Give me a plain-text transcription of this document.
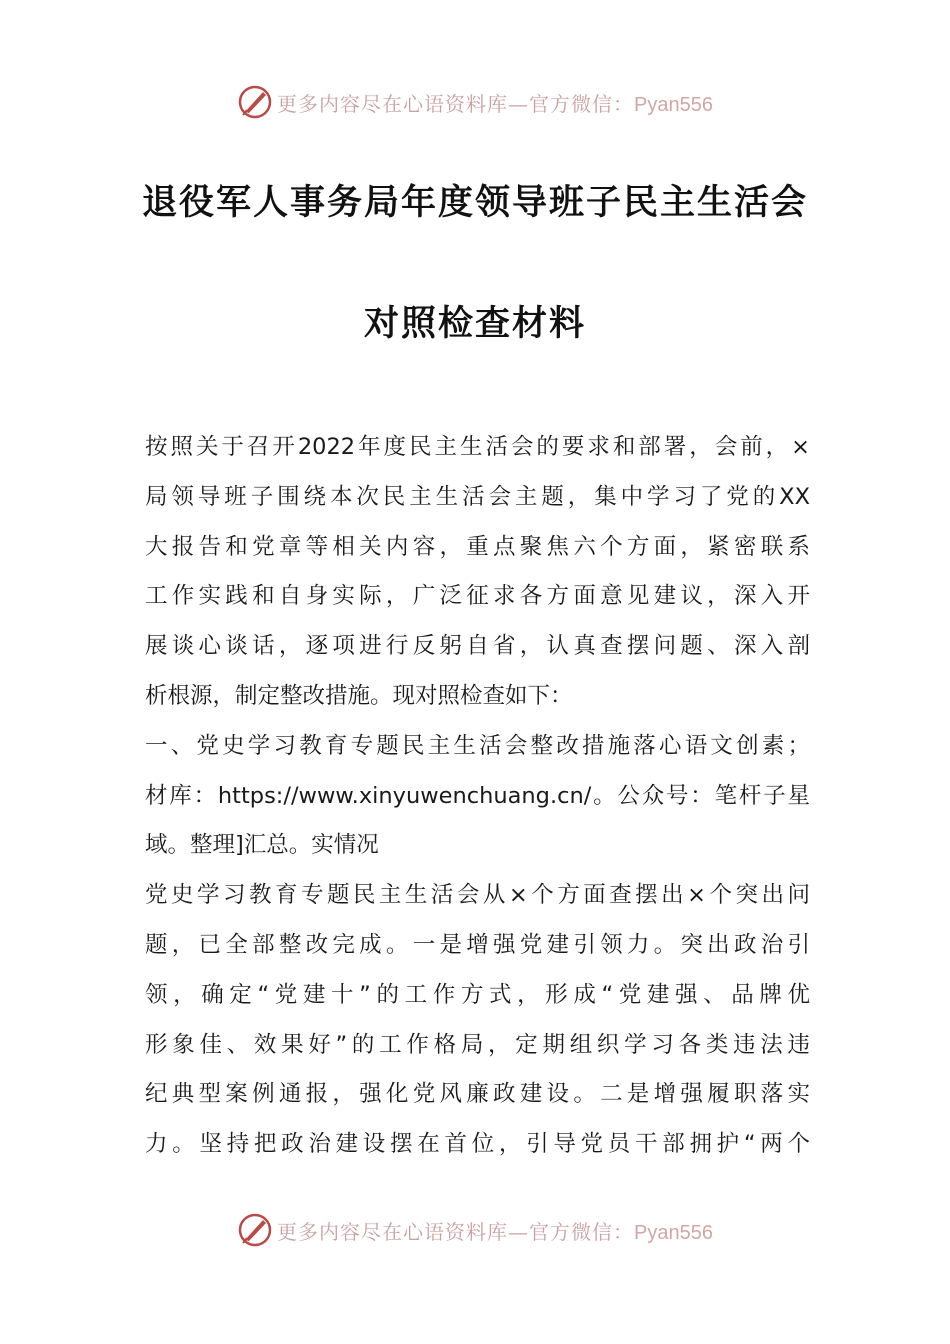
更多内容尽在心语资料库—官方微信：Pyan556
退役军人事务局年度领导班子民主生活会
对照检查材料
按照关于召开2022年度民主生活会的要求和部署，会前，×
局领导班子围绕本次民主生活会主题，集中学习了党的XX
大报告和党章等相关内容，重点聚焦六个方面，紧密联系
工作实践和自身实际，广泛征求各方面意见建议，深入开
展谈心谈话，逐项进行反躬自省，认真查摆问题、深入剖
析根源，制定整改措施。现对照检查如下：
一、党史学习教育专题民主生活会整改措施落心语文创素；
材库：https://www.xinyuwenchuang.cn/。公众号：笔杆子星
域。整理]汇总。实情况
党史学习教育专题民主生活会从×个方面查摆出×个突出问
题，已全部整改完成。一是增强党建引领力。突出政治引
领，确定“党建十”的工作方式，形成“党建强、品牌优
形象佳、效果好”的工作格局，定期组织学习各类违法违
纪典型案例通报，强化党风廉政建设。二是增强履职落实
力。坚持把政治建设摆在首位，引导党员干部拥护“两个
更多内容尽在心语资料库—官方微信：Pyan556
